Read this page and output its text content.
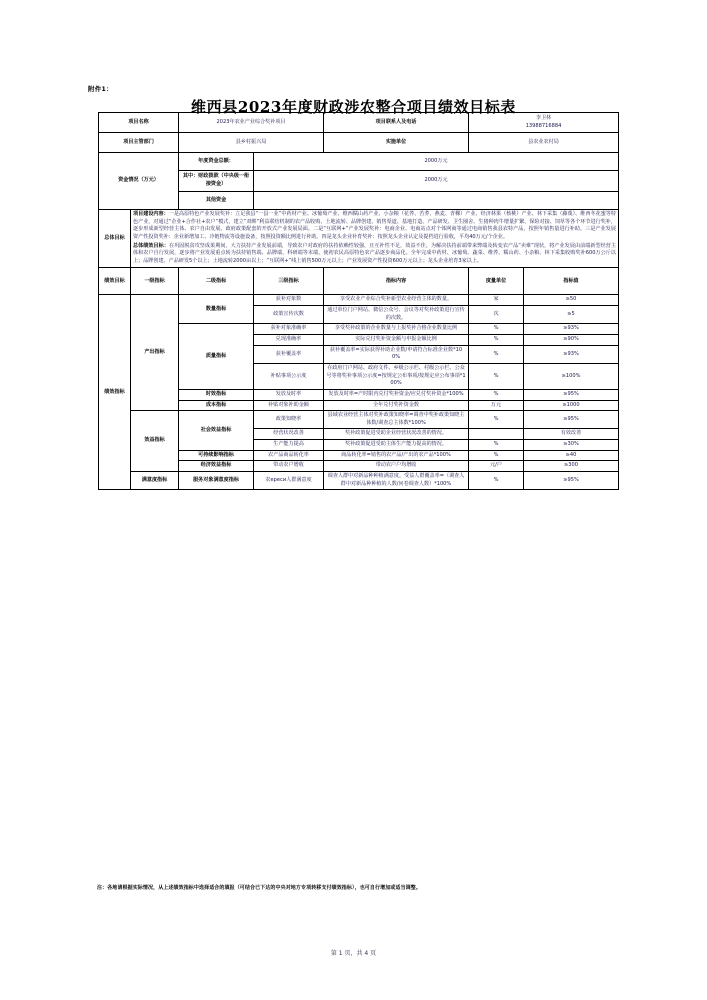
附件1：
维西县2023年度财政涉农整合项目绩效目标表
项目名称		2023年农业产业综合奖补项目		项目联系人及电话	李卫林
13988716884	

项目主管部门		县乡村振兴局		实施单位	县农业农村局	
资金情况（万元）		年度资金总额：	2000万元			
		其中：财政拨款（中央级一衔接资金）	2000万元			
		其他资金				
总体目标	项目建设内容：一是高原特色产业发展奖补：立足我县“一县一业”中药材产业、冰葡萄产业、维西糯山药产业、小杂粮（花荞、苦荞、燕麦、青稞）产业、经济林果（核桃）产业、林下采集（藤蔑）、维西冬花蜜等特色产业，对通过“企业+合作社+农户”模式，建立“双绑”利益联结机制的农产品收购、土地流转、品牌创建、销售渠道、基地打造、产品研发、卫生圈舍、生猪种肉牛增量扩繁、保险对接、饲草等各个环节进行奖补，逐步形成新型经营主体、农户自由发展、政府政策配套的开放式产业发展局面。二是“互联网+”产业发展奖补：电商企业、电商站点对个体网商等通过电商销售我县农特产品，按照年销售量进行补助。三是产业发展资产性投资奖补：企业新增加工、冷链物流等设施设备，按照投资额比例进行补助。四是龙头企业补育奖补：按照龙头企业认定及提档进行验收，平均40万元/个企业。

总体绩效目标：在巩固脱贫攻坚成果期间，大力扶持产业发展前端，导致农户对政府的扶持依赖性较强，且互补性不足，效益不佳。为解决扶持前端带来弊端及转变农产品“卖难”现状，将产业发展由前端新型经营主体和农户自行发展，逐步将产业发展重点转为扶持销售端、品牌端、科研端等末端，使初农民高原特色农产品逐步商品化。全年完成中药材、冰葡萄、蔬菜、维荞、糯山药、小杂粮、林下采集收购奖补600万公斤以上；品牌创建、产品研发5个以上；土地流转2000亩以上；“互联网+”线上销售500万元以上；产业发展资产性投资600万元以上；龙头企业培育3家以上。					

绩效目标	一级指标	二级指标	三级指标	指标内容	度量单位	指标值
绩效指标	产出指标	数量指标	获补对象数	享受农业产业综合奖补新型农业经营主体的数量。	家	≥50
			政策宣传次数	通过单位门户网站、微信公众号、会议等对奖补政策进行宣传的次数。	次	≥5
		质量指标	获补对象准确率	享受奖补政策的企业数量与上报奖补合格企业数量比例	%	≥93%
			兑现准确率	实际兑付奖补资金额与申报金额比例	%	≥90%
			获补覆盖率	获补覆盖率=实际获得补助企业数/申请符合标准企业数*100%	%	≥93%
			补贴事项公示度	在政府门户网站、政府文件、乡级公示栏、村级公示栏、公众号等将奖补事项公示度=按规定公布事项/按规定应公布事项*100%	%	≥100%
		时效指标	发放及时率	发放及时率=产时限内兑付奖补资金/应兑付奖补资金*100%	%	≥95%
		成本指标	补贴对象补助金额	全年兑付奖补资金数	万元	≥1000
	效益指标	社会效益指标	政策知晓率	县域农业经营主体对奖补政策知晓率=调查中奖补政策知晓主体数/调查总主体数*100%	%	≥95%
			经营状况改善	奖补政策促进受助企业经营状况改善的情况。		有效改善
			生产能力提高	奖补政策促进受助主体生产能力提高的情况。	%	≥30%
		可持续影响指标	农产品商品转化率	商品转化率=销售的农产品/产出的农产品*100%	%	≥40
		经济效益指标	带动农户增收	带动农户户均增收	元/户	≥300
	满意度指标	服务对象满意度指标	农ереси人群满意度	调查人群中对新品种种植满意度。受益人群覆盖率=（调查人群中对新品种种植的人数/问卷调查人数）*100%	%	≥95%
注：各地请根据实际情况，从上述绩效指标中选择适合的填报（可结合已下达的中央对地方专项转移支付绩效指标），也可自行增加或适当调整。
第 1 页，共 4 页
